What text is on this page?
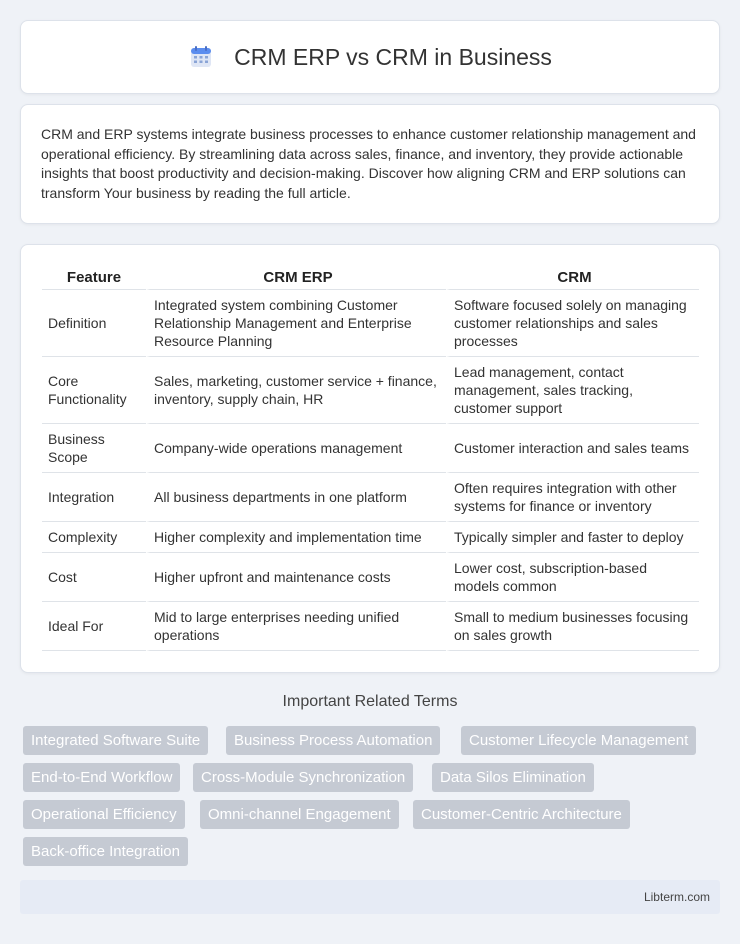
CRM ERP vs CRM in Business

CRM and ERP systems integrate business processes to enhance customer relationship management and operational efficiency. By streamlining data across sales, finance, and inventory, they provide actionable insights that boost productivity and decision-making. Discover how aligning CRM and ERP solutions can transform Your business by reading the full article.

Feature	CRM ERP	CRM
Definition	Integrated system combining Customer Relationship Management and Enterprise Resource Planning	Software focused solely on managing customer relationships and sales processes
Core Functionality	Sales, marketing, customer service + finance, inventory, supply chain, HR	Lead management, contact management, sales tracking, customer support
Business Scope	Company-wide operations management	Customer interaction and sales teams
Integration	All business departments in one platform	Often requires integration with other systems for finance or inventory
Complexity	Higher complexity and implementation time	Typically simpler and faster to deploy
Cost	Higher upfront and maintenance costs	Lower cost, subscription-based models common
Ideal For	Mid to large enterprises needing unified operations	Small to medium businesses focusing on sales growth
Important Related Terms
Integrated Software Suite	Business Process Automation	Customer Lifecycle Management
End-to-End Workflow	Cross-Module Synchronization	Data Silos Elimination
Operational Efficiency	Omni-channel Engagement	Customer-Centric Architecture
Back-office Integration
Libterm.com
